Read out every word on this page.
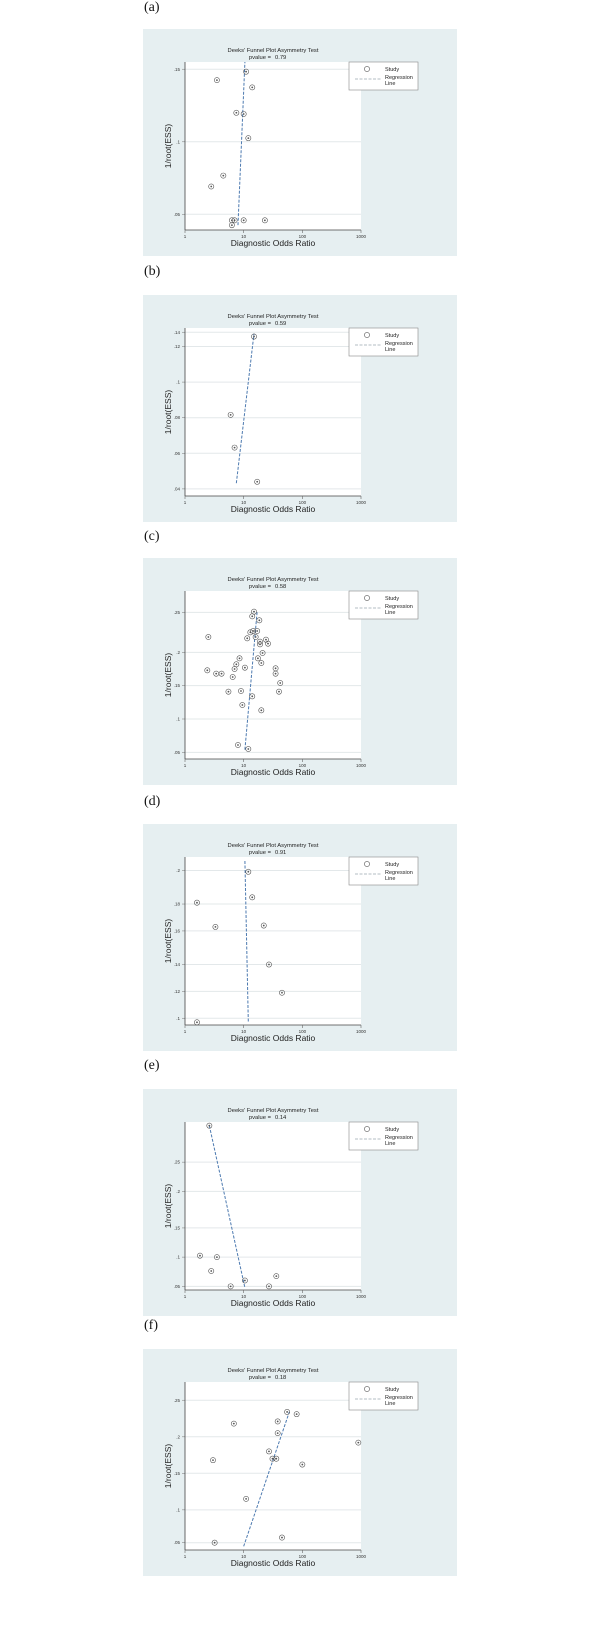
(a)
.05
.1
.15
1	10	100	1000
Diagnostic Odds Ratio
1/root(ESS)
Deeks' Funnel Plot Asymmetry Test
pvalue = 0.79
Study
Regression
Line
(b)
.04
.06
.08
.1
.12
.14
1	10	100	1000
Diagnostic Odds Ratio
1/root(ESS)
Deeks' Funnel Plot Asymmetry Test
pvalue = 0.59
Study
Regression
Line
(c)
.05
.1
.15
.2
.25
1	10	100	1000
Diagnostic Odds Ratio
1/root(ESS)
Deeks' Funnel Plot Asymmetry Test
pvalue = 0.58
Study
Regression
Line
(d)
.1
.12
.14
.16
.18
.2
1	10	100	1000
Diagnostic Odds Ratio
1/root(ESS)
Deeks' Funnel Plot Asymmetry Test
pvalue = 0.91
Study
Regression
Line
(e)
.05
.1
.15
.2
.25
1	10	100	1000
Diagnostic Odds Ratio
1/root(ESS)
Deeks' Funnel Plot Asymmetry Test
pvalue = 0.14
Study
Regression
Line
(f)
.05
.1
.15
.2
.25
1	10	100	1000
Diagnostic Odds Ratio
1/root(ESS)
Deeks' Funnel Plot Asymmetry Test
pvalue = 0.18
Study
Regression
Line
